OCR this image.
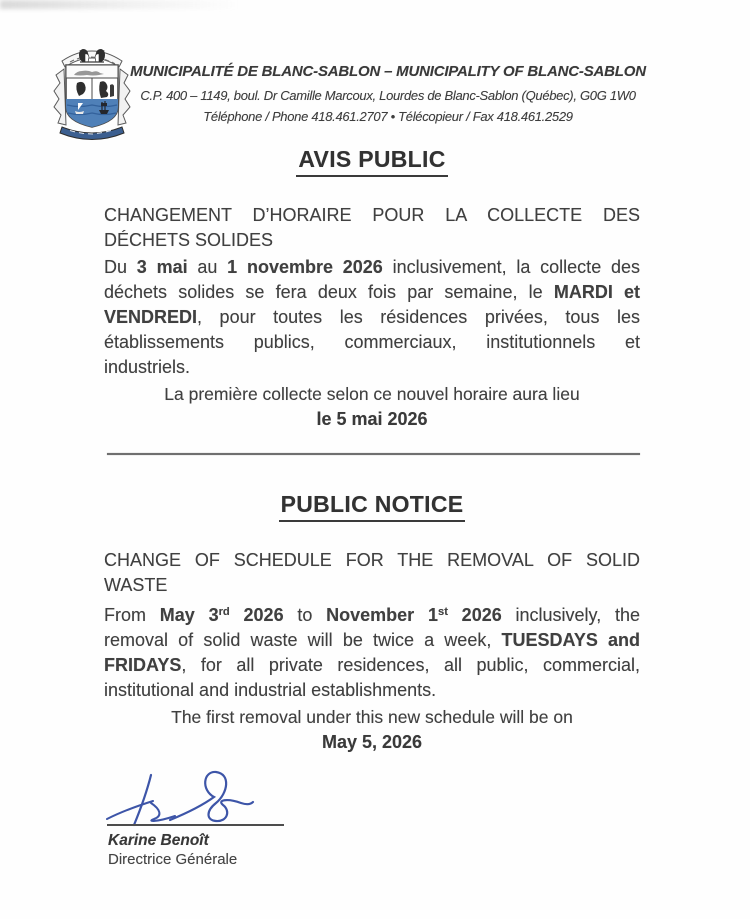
MUNICIPALITÉ DE BLANC-SABLON – MUNICIPALITY OF BLANC-SABLON
C.P. 400 – 1149, boul. Dr Camille Marcoux, Lourdes de Blanc-Sablon (Québec), G0G 1W0
Téléphone / Phone 418.461.2707 • Télécopieur / Fax 418.461.2529
AVIS PUBLIC
CHANGEMENT D’HORAIRE POUR LA COLLECTE DES
DÉCHETS SOLIDES
Du 3 mai au 1 novembre 2026 inclusivement, la collecte des
déchets solides se fera deux fois par semaine, le MARDI et
VENDREDI, pour toutes les résidences privées, tous les
établissements publics, commerciaux, institutionnels et
industriels.
La première collecte selon ce nouvel horaire aura lieu
le 5 mai 2026
PUBLIC NOTICE
CHANGE OF SCHEDULE FOR THE REMOVAL OF SOLID
WASTE
From May 3rd 2026 to November 1st 2026 inclusively, the
removal of solid waste will be twice a week, TUESDAYS and
FRIDAYS, for all private residences, all public, commercial,
institutional and industrial establishments.
The first removal under this new schedule will be on
May 5, 2026
Karine Benoît
Directrice Générale
